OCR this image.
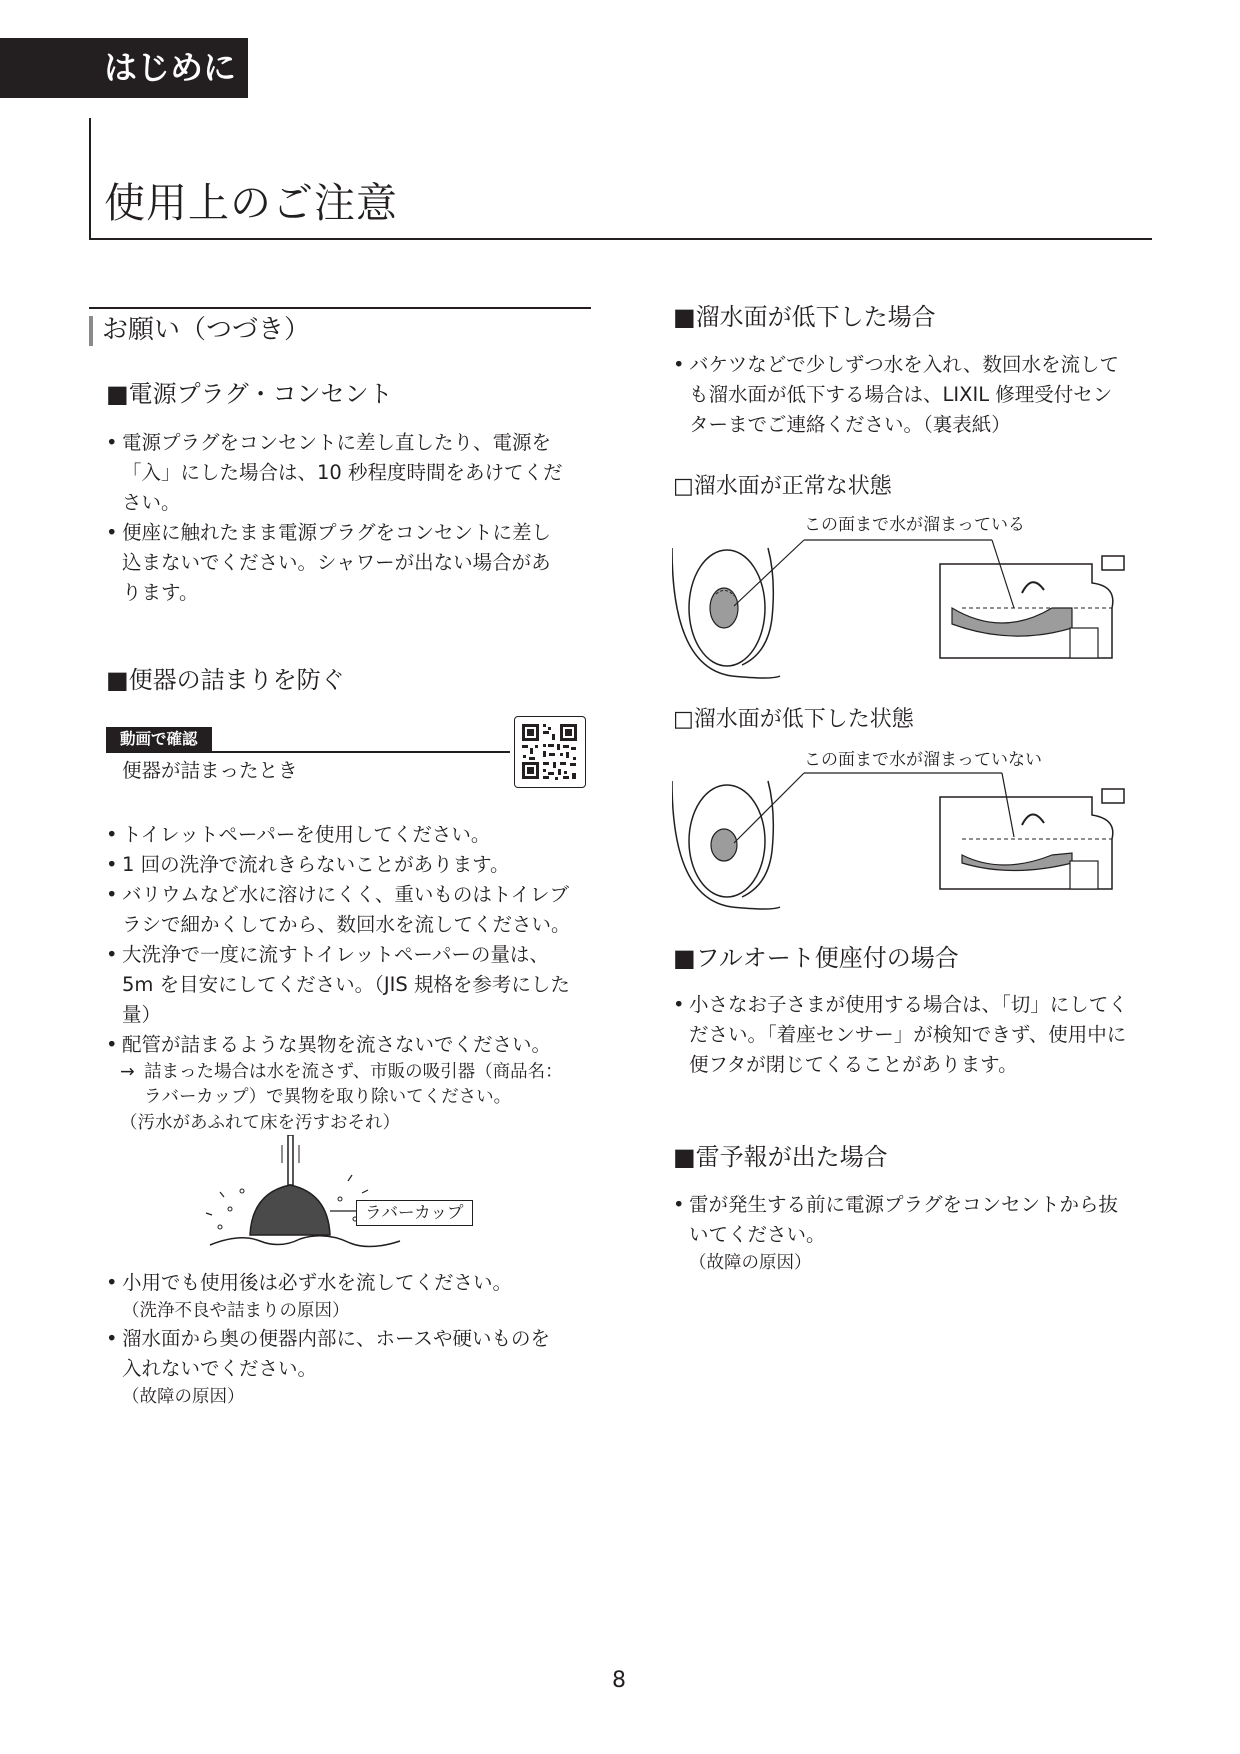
はじめに
使用上のご注意
お願い（つづき）
■電源プラグ・コンセント
• 電源プラグをコンセントに差し直したり、電源を
「入」にした場合は、10 秒程度時間をあけてくだ
さい。
• 便座に触れたまま電源プラグをコンセントに差し
込まないでください。シャワーが出ない場合があ
ります。
■便器の詰まりを防ぐ
動画で確認
便器が詰まったとき
• トイレットペーパーを使用してください。
• 1 回の洗浄で流れきらないことがあります。
• バリウムなど水に溶けにくく、重いものはトイレブ
ラシで細かくしてから、数回水を流してください。
• 大洗浄で一度に流すトイレットペーパーの量は、
5m を目安にしてください。（JIS 規格を参考にした
量）
• 配管が詰まるような異物を流さないでください。
→ 詰まった場合は水を流さず、市販の吸引器（商品名：
ラバーカップ）で異物を取り除いてください。
（汚水があふれて床を汚すおそれ）
ラバーカップ
• 小用でも使用後は必ず水を流してください。
（洗浄不良や詰まりの原因）
• 溜水面から奥の便器内部に、ホースや硬いものを
入れないでください。
（故障の原因）
■溜水面が低下した場合
• バケツなどで少しずつ水を入れ、数回水を流して
も溜水面が低下する場合は、LIXIL 修理受付セン
ターまでご連絡ください。（裏表紙）
□溜水面が正常な状態
この面まで水が溜まっている
□溜水面が低下した状態
この面まで水が溜まっていない
■フルオート便座付の場合
• 小さなお子さまが使用する場合は、「切」にしてく
ださい。「着座センサー」が検知できず、使用中に
便フタが閉じてくることがあります。
■雷予報が出た場合
• 雷が発生する前に電源プラグをコンセントから抜
いてください。
（故障の原因）
8
